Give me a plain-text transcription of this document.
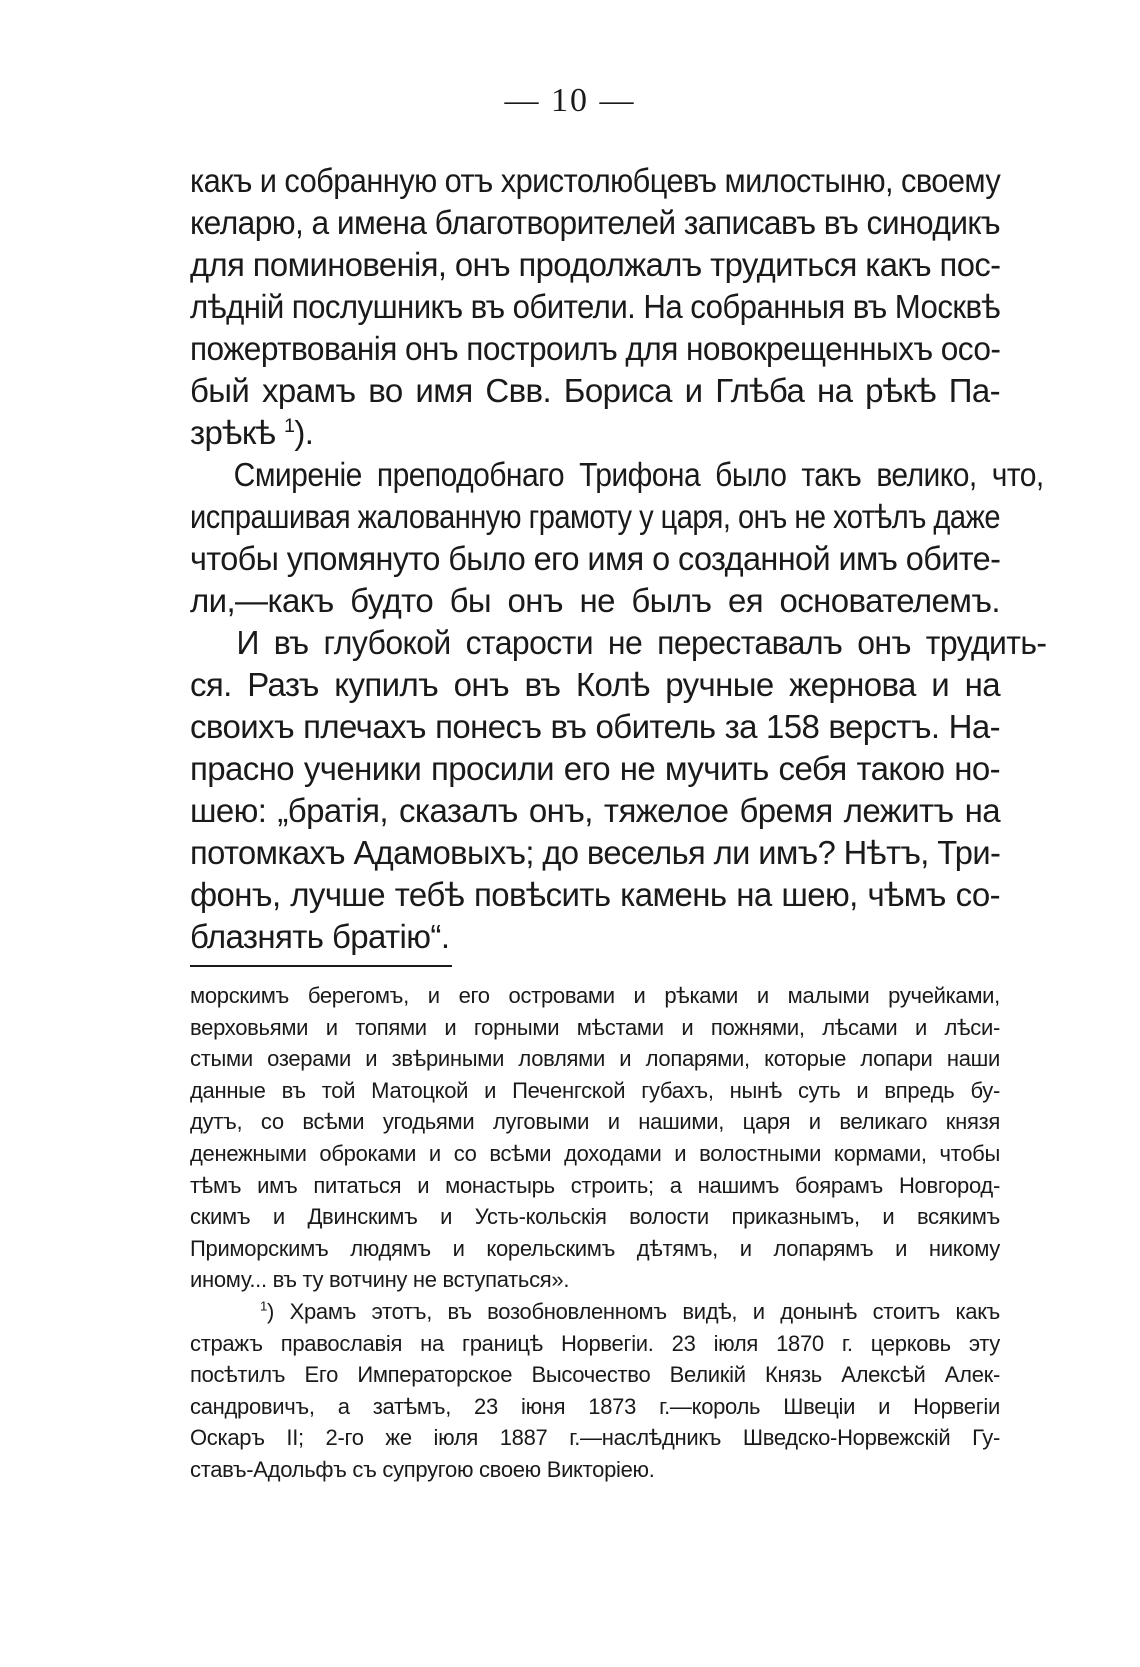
— 10 —
какъ и собранную отъ христолюбцевъ милостыню, своему
келарю, а имена благотворителей записавъ въ синодикъ
для поминовенія, онъ продолжалъ трудиться какъ пос-
лѣдній послушникъ въ обители. На собранныя въ Москвѣ
пожертвованія онъ построилъ для новокрещенныхъ осо-
бый храмъ во имя Свв. Бориса и Глѣба на рѣкѣ Па-
зрѣкѣ $^1$).
Смиреніе преподобнаго Трифона было такъ велико, что,
испрашивая жалованную грамоту у царя, онъ не хотѣлъ даже
чтобы упомянуто было его имя о созданной имъ обите-
ли,—какъ будто бы онъ не былъ ея основателемъ.
И въ глубокой старости не переставалъ онъ трудить-
ся. Разъ купилъ онъ въ Колѣ ручные жернова и на
своихъ плечахъ понесъ въ обитель за 158 верстъ. На-
прасно ученики просили его не мучить себя такою но-
шею: „братія, сказалъ онъ, тяжелое бремя лежитъ на
потомкахъ Адамовыхъ; до веселья ли имъ? Нѣтъ, Три-
фонъ, лучше тебѣ повѣсить камень на шею, чѣмъ со-
блазнять братію“.
морскимъ берегомъ, и его островами и рѣками и малыми ручейками,
верховьями и топями и горными мѣстами и пожнями, лѣсами и лѣси-
стыми озерами и звѣриными ловлями и лопарями, которые лопари наши
данные въ той Матоцкой и Печенгской губахъ, нынѣ суть и впредь бу-
дутъ, со всѣми угодьями луговыми и нашими, царя и великаго князя
денежными оброками и со всѣми доходами и волостными кормами, чтобы
тѣмъ имъ питаться и монастырь строить; а нашимъ боярамъ Новгород-
скимъ и Двинскимъ и Усть-кольскія волости приказнымъ, и всякимъ
Приморскимъ людямъ и корельскимъ дѣтямъ, и лопарямъ и никому
иному... въ ту вотчину не вступаться».
$^1$) Храмъ этотъ, въ возобновленномъ видѣ, и донынѣ стоитъ какъ
стражъ православія на границѣ Норвегіи. 23 іюля 1870 г. церковь эту
посѣтилъ Его Императорское Высочество Великій Князь Алексѣй Алек-
сандровичъ, а затѣмъ, 23 іюня 1873 г.—король Швеціи и Норвегіи
Оскаръ II; 2-го же іюля 1887 г.—наслѣдникъ Шведско-Норвежскій Гу-
ставъ-Адольфъ съ супругою своею Викторіею.
